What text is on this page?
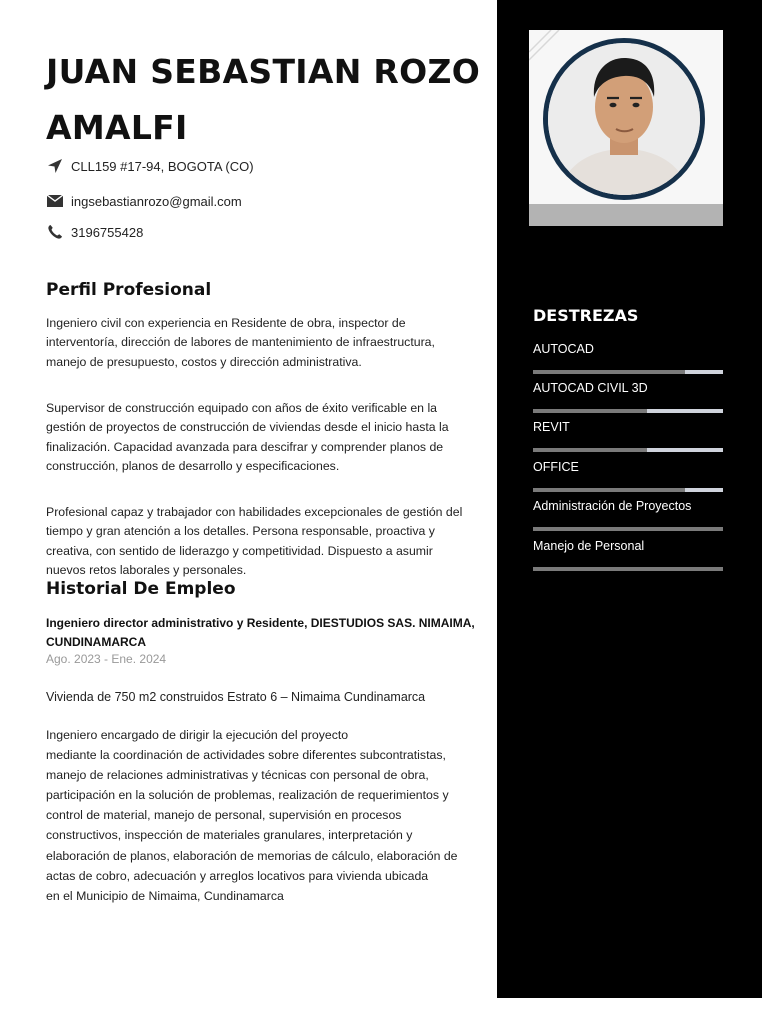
JUAN SEBASTIAN ROZO AMALFI
CLL159 #17-94, BOGOTA (CO)
ingsebastianrozo@gmail.com
3196755428
Perfil Profesional

Ingeniero civil con experiencia en Residente de obra, inspector de interventoría, dirección de labores de mantenimiento de infraestructura, manejo de presupuesto, costos y dirección administrativa.

Supervisor de construcción equipado con años de éxito verificable en la gestión de proyectos de construcción de viviendas desde el inicio hasta la finalización. Capacidad avanzada para descifrar y comprender planos de construcción, planos de desarrollo y especificaciones.

Profesional capaz y trabajador con habilidades excepcionales de gestión del tiempo y gran atención a los detalles. Persona responsable, proactiva y creativa, con sentido de liderazgo y competitividad. Dispuesto a asumir nuevos retos laborales y personales.

Historial De Empleo

Ingeniero director administrativo y Residente, DIESTUDIOS SAS. NIMAIMA, CUNDINAMARCA

Ago. 2023 - Ene. 2024
Vivienda de 750 m2 construidos Estrato 6 – Nimaima Cundinamarca

Ingeniero encargado de dirigir la ejecución del proyecto
mediante la coordinación de actividades sobre diferentes subcontratistas, manejo de relaciones administrativas y técnicas con personal de obra, participación en la solución de problemas, realización de requerimientos y control de material, manejo de personal, supervisión en procesos constructivos, inspección de materiales granulares, interpretación y elaboración de planos, elaboración de memorias de cálculo, elaboración de actas de cobro, adecuación y arreglos locativos para vivienda ubicada
en el Municipio de Nimaima, Cundinamarca

DESTREZAS
AUTOCAD
AUTOCAD CIVIL 3D
REVIT
OFFICE
Administración de Proyectos
Manejo de Personal
